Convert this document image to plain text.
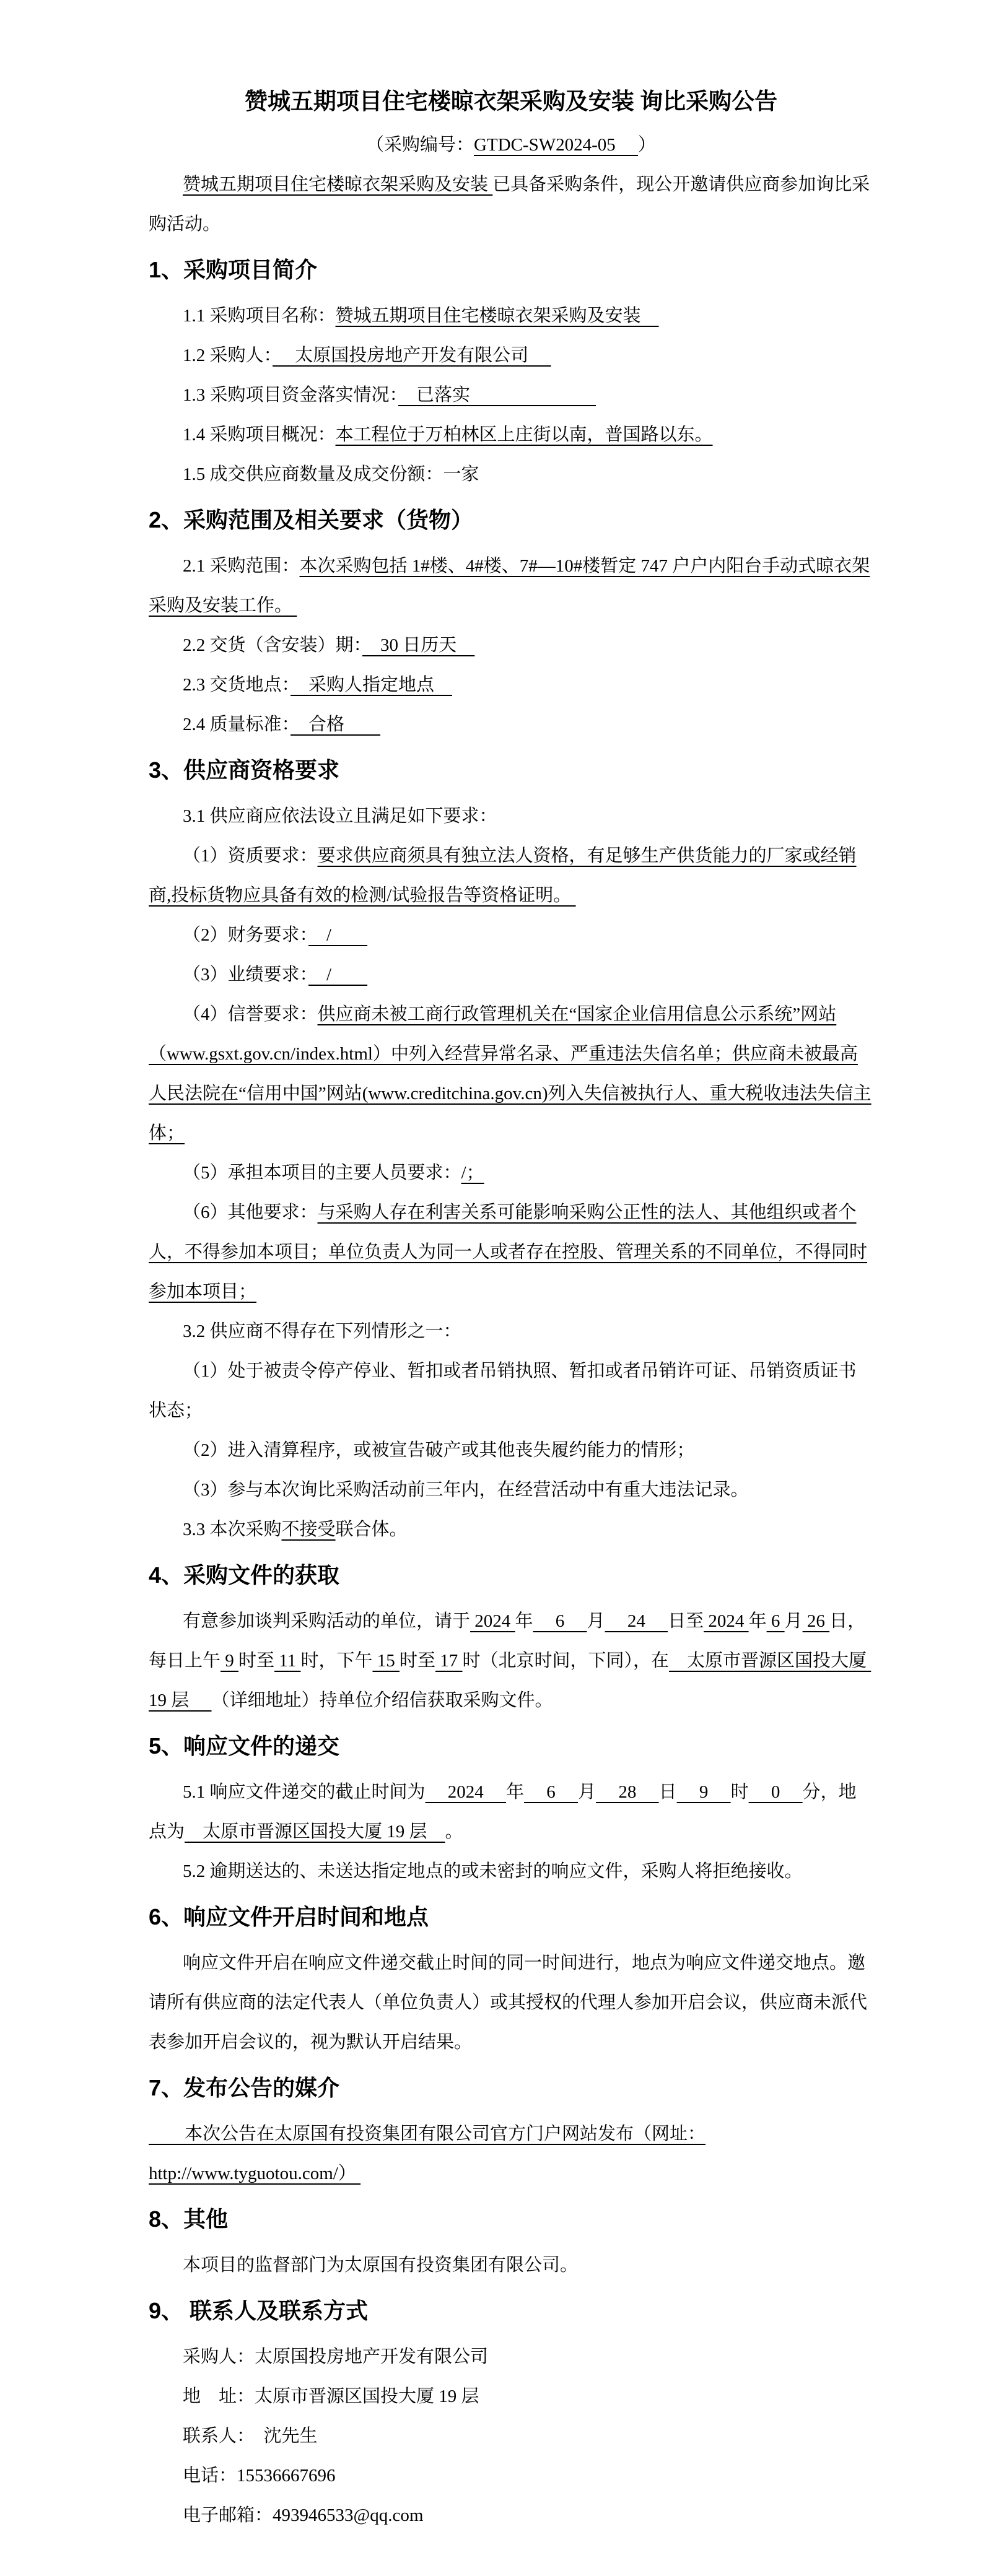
赞城五期项目住宅楼晾衣架采购及安装 询比采购公告

（采购编号：GTDC-SW2024-05　 ）

赞城五期项目住宅楼晾衣架采购及安装 已具备采购条件，现公开邀请供应商参加询比采购活动。

1、采购项目简介

1.1 采购项目名称：赞城五期项目住宅楼晾衣架采购及安装　

1.2 采购人：　 太原国投房地产开发有限公司 　

1.3 采购项目资金落实情况：　已落实　　　　　　　

1.4 采购项目概况：本工程位于万柏林区上庄街以南，普国路以东。

1.5 成交供应商数量及成交份额：一家

2、采购范围及相关要求（货物）

2.1 采购范围：本次采购包括 1#楼、4#楼、7#—10#楼暂定 747 户户内阳台手动式晾衣架采购及安装工作。

2.2 交货（含安装）期：　30 日历天　

2.3 交货地点：　采购人指定地点　

2.4 质量标准：　合格　　

3、供应商资格要求

3.1 供应商应依法设立且满足如下要求：

（1）资质要求：要求供应商须具有独立法人资格，有足够生产供货能力的厂家或经销商,投标货物应具备有效的检测/试验报告等资格证明。

（2）财务要求：　/　　

（3）业绩要求：　/　　

（4）信誉要求：供应商未被工商行政管理机关在“国家企业信用信息公示系统”网站（www.gsxt.gov.cn/index.html）中列入经营异常名录、严重违法失信名单；供应商未被最高人民法院在“信用中国”网站(www.creditchina.gov.cn)列入失信被执行人、重大税收违法失信主体；

（5）承担本项目的主要人员要求：/；

（6）其他要求：与采购人存在利害关系可能影响采购公正性的法人、其他组织或者个人，不得参加本项目；单位负责人为同一人或者存在控股、管理关系的不同单位，不得同时参加本项目；

3.2 供应商不得存在下列情形之一：

（1）处于被责令停产停业、暂扣或者吊销执照、暂扣或者吊销许可证、吊销资质证书状态；

（2）进入清算程序，或被宣告破产或其他丧失履约能力的情形；

（3）参与本次询比采购活动前三年内，在经营活动中有重大违法记录。

3.3 本次采购不接受联合体。

4、采购文件的获取

有意参加谈判采购活动的单位，请于 2024 年　 6 　月　 24 　日至 2024 年 6 月 26 日，每日上午 9 时至 11 时，下午 15 时至 17 时（北京时间，下同），在　太原市晋源区国投大厦 19 层　 （详细地址）持单位介绍信获取采购文件。

5、响应文件的递交

5.1 响应文件递交的截止时间为　 2024 　年　 6 　月　 28 　日　 9 　时　 0 　分，地点为　太原市晋源区国投大厦 19 层　。

5.2 逾期送达的、未送达指定地点的或未密封的响应文件，采购人将拒绝接收。

6、响应文件开启时间和地点

响应文件开启在响应文件递交截止时间的同一时间进行，地点为响应文件递交地点。邀请所有供应商的法定代表人（单位负责人）或其授权的代理人参加开启会议，供应商未派代表参加开启会议的，视为默认开启结果。

7、发布公告的媒介

　　本次公告在太原国有投资集团有限公司官方门户网站发布（网址：http://www.tyguotou.com/）

8、其他

本项目的监督部门为太原国有投资集团有限公司。

9、 联系人及联系方式

采购人：太原国投房地产开发有限公司

地　址：太原市晋源区国投大厦 19 层

联系人：　沈先生

电话：15536667696

电子邮箱：493946533@qq.com
